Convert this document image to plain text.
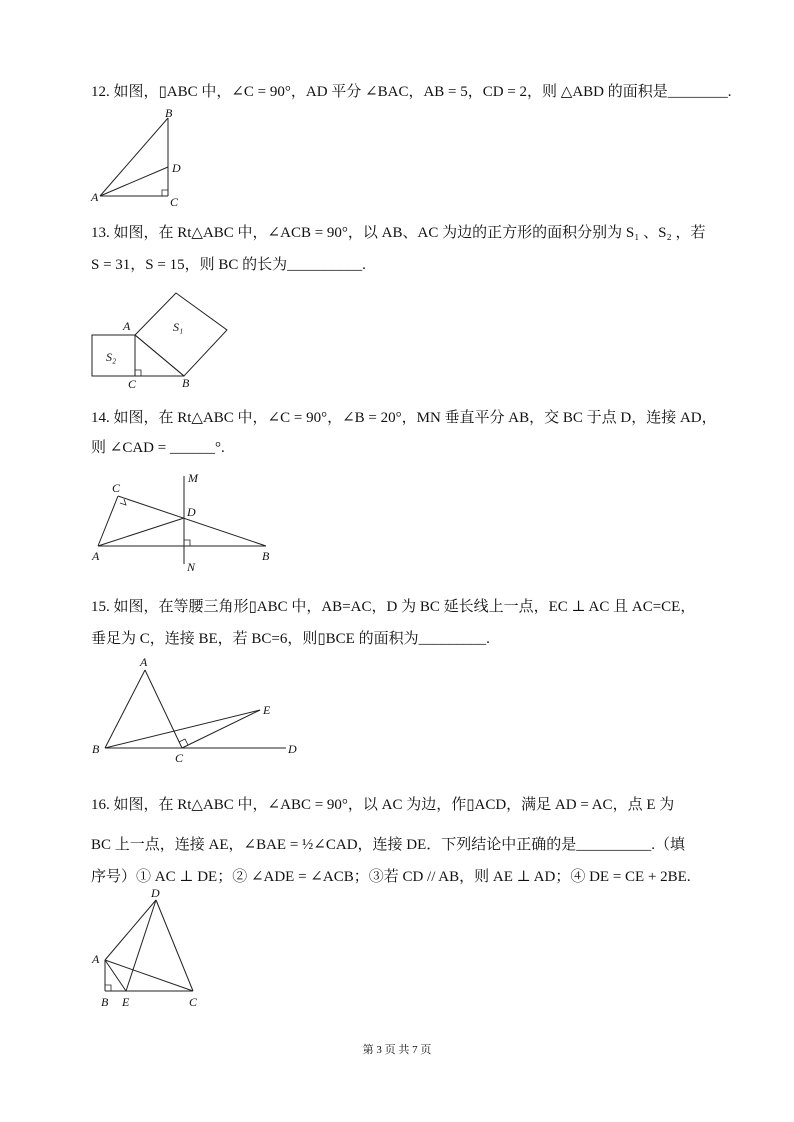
12. 如图，▯ABC 中，∠C = 90°，AD 平分 ∠BAC，AB = 5，CD = 2，则 △ABD 的面积是________.
B
D
A	C
13. 如图，在 Rt△ABC 中，∠ACB = 90°，以 AB、AC 为边的正方形的面积分别为 S₁ 、S₂ ，若
S = 31，S = 15，则 BC 的长为__________.
A
C	B
S₁
S₂
14. 如图，在 Rt△ABC 中，∠C = 90°，∠B = 20°，MN 垂直平分 AB，交 BC 于点 D，连接 AD，
则 ∠CAD = ______°.
C
M
D
A
N
B
15. 如图，在等腰三角形▯ABC 中，AB=AC，D 为 BC 延长线上一点，EC ⊥ AC 且 AC=CE，
垂足为 C，连接 BE，若 BC=6，则▯BCE 的面积为_________.
A
E
B
C
D
16. 如图，在 Rt△ABC 中，∠ABC = 90°，以 AC 为边，作▯ACD，满足 AD = AC，点 E 为
BC 上一点，连接 AE，∠BAE = ½∠CAD，连接 DE．下列结论中正确的是__________.（填
序号）① AC ⊥ DE；② ∠ADE = ∠ACB；③若 CD // AB，则 AE ⊥ AD；④ DE = CE + 2BE.
D
A
B E	C
第 3 页 共 7 页
